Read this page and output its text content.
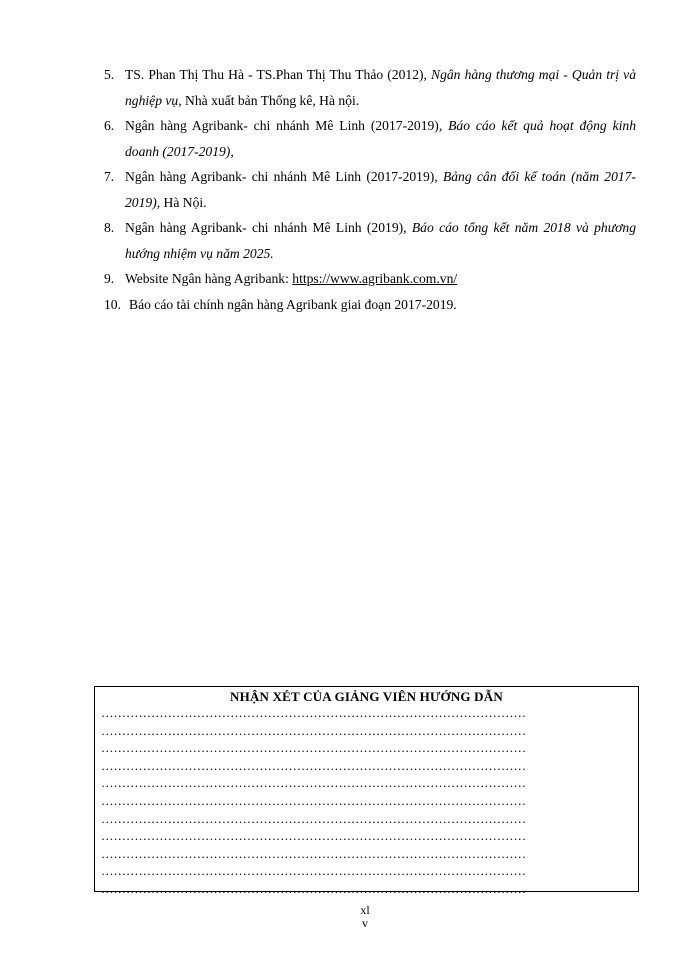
5. TS. Phan Thị Thu Hà - TS.Phan Thị Thu Thảo (2012), Ngân hàng thương mại - Quản trị và nghiệp vụ, Nhà xuất bản Thống kê, Hà nội.
6. Ngân hàng Agribank- chi nhánh Mê Linh (2017-2019), Báo cáo kết quả hoạt động kinh doanh (2017-2019),
7. Ngân hàng Agribank- chi nhánh Mê Linh (2017-2019), Bảng cân đối kế toán (năm 2017-2019), Hà Nội.
8. Ngân hàng Agribank- chi nhánh Mê Linh (2019), Báo cáo tổng kết năm 2018 và phương hướng nhiệm vụ năm 2025.
9. Website Ngân hàng Agribank: https://www.agribank.com.vn/
10. Báo cáo tài chính ngân hàng Agribank giai đoạn 2017-2019.
NHẬN XÉT CỦA GIẢNG VIÊN HƯỚNG DẪN
…………………………………………………………………………………………
…………………………………………………………………………………………
…………………………………………………………………………………………
…………………………………………………………………………………………
…………………………………………………………………………………………
…………………………………………………………………………………………
…………………………………………………………………………………………
…………………………………………………………………………………………
…………………………………………………………………………………………
…………………………………………………………………………………………
…………………………………………………………………………………………
xl
v
